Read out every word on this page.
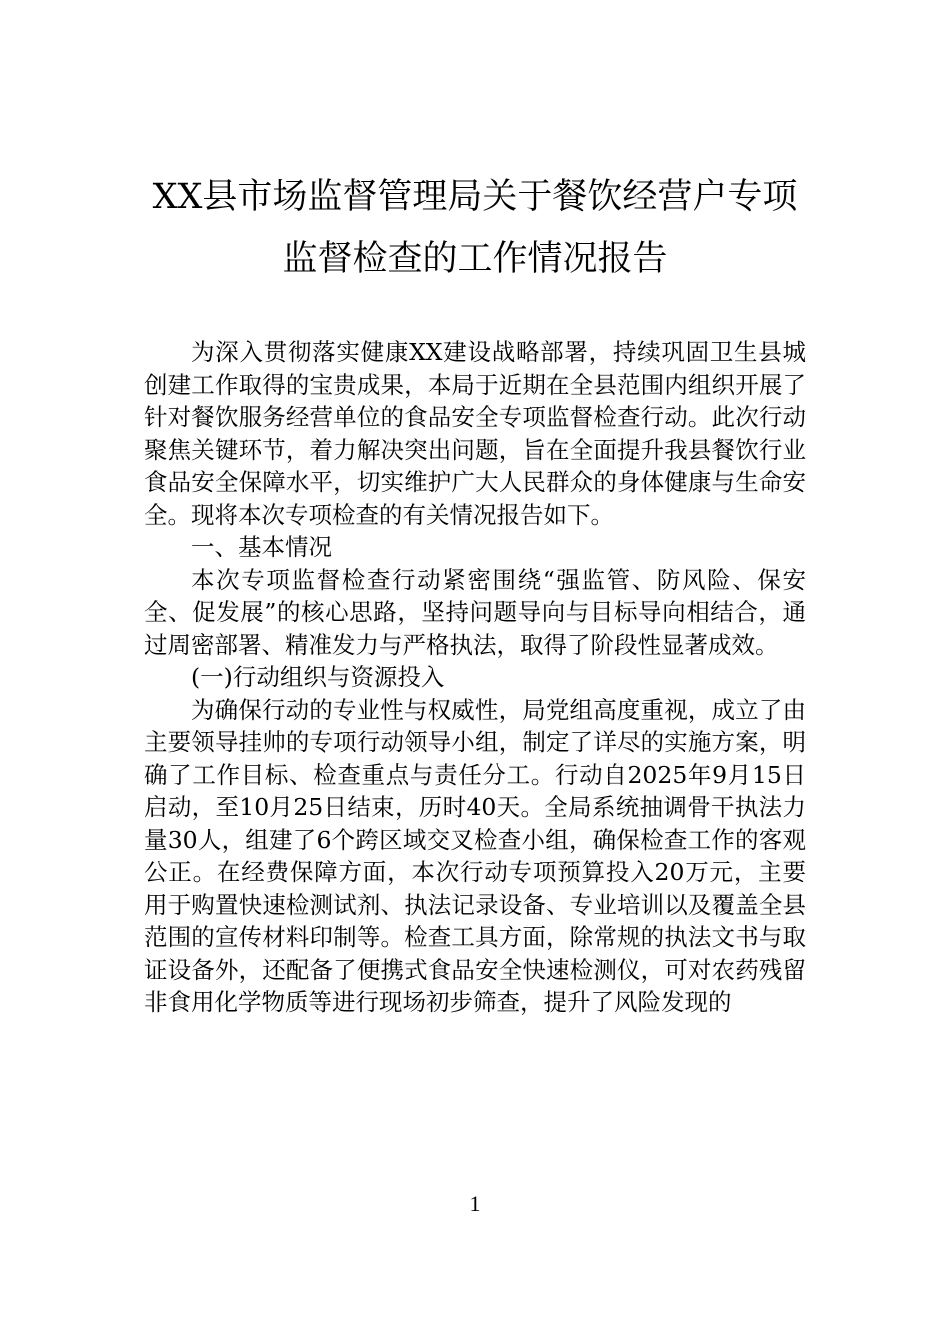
XX县市场监督管理局关于餐饮经营户专项
监督检查的工作情况报告

为深入贯彻落实健康XX建设战略部署，持续巩固卫生县城创建工作取得的宝贵成果，本局于近期在全县范围内组织开展了针对餐饮服务经营单位的食品安全专项监督检查行动。此次行动聚焦关键环节，着力解决突出问题，旨在全面提升我县餐饮行业食品安全保障水平，切实维护广大人民群众的身体健康与生命安全。现将本次专项检查的有关情况报告如下。

一、基本情况

本次专项监督检查行动紧密围绕“强监管、防风险、保安全、促发展”的核心思路，坚持问题导向与目标导向相结合，通过周密部署、精准发力与严格执法，取得了阶段性显著成效。

(一)行动组织与资源投入

为确保行动的专业性与权威性，局党组高度重视，成立了由主要领导挂帅的专项行动领导小组，制定了详尽的实施方案，明确了工作目标、检查重点与责任分工。行动自2025年9月15日启动，至10月25日结束，历时40天。全局系统抽调骨干执法力量30人，组建了6个跨区域交叉检查小组，确保检查工作的客观公正。在经费保障方面，本次行动专项预算投入20万元，主要用于购置快速检测试剂、执法记录设备、专业培训以及覆盖全县范围的宣传材料印制等。检查工具方面，除常规的执法文书与取证设备外，还配备了便携式食品安全快速检测仪，可对农药残留非食用化学物质等进行现场初步筛查，提升了风险发现的

1
